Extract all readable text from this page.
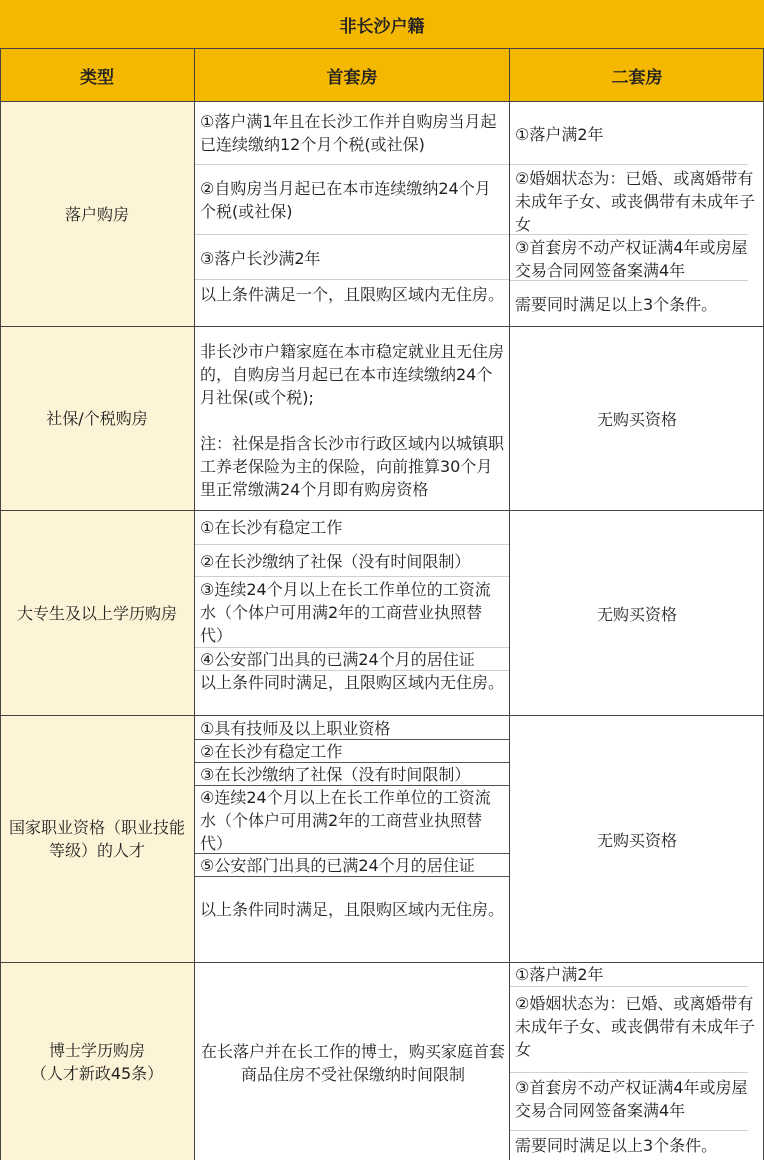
非长沙户籍
类型	首套房	二套房
落户购房
①落户满1年且在长沙工作并自购房当月起已连续缴纳12个月个税(或社保)
②自购房当月起已在本市连续缴纳24个月个税(或社保)
③落户长沙满2年
以上条件满足一个，且限购区域内无住房。
①落户满2年
②婚姻状态为：已婚、或离婚带有未成年子女、或丧偶带有未成年子女
③首套房不动产权证满4年或房屋交易合同网签备案满4年
需要同时满足以上3个条件。
社保/个税购房
非长沙市户籍家庭在本市稳定就业且无住房的，自购房当月起已在本市连续缴纳24个月社保(或个税);
注：社保是指含长沙市行政区域内以城镇职工养老保险为主的保险，向前推算30个月里正常缴满24个月即有购房资格
无购买资格
大专生及以上学历购房
①在长沙有稳定工作
②在长沙缴纳了社保（没有时间限制）
③连续24个月以上在长工作单位的工资流水（个体户可用满2年的工商营业执照替代）
④公安部门出具的已满24个月的居住证
以上条件同时满足，且限购区域内无住房。
无购买资格
国家职业资格（职业技能等级）的人才
①具有技师及以上职业资格
②在长沙有稳定工作
③在长沙缴纳了社保（没有时间限制）
④连续24个月以上在长工作单位的工资流水（个体户可用满2年的工商营业执照替代）
⑤公安部门出具的已满24个月的居住证
以上条件同时满足，且限购区域内无住房。
无购买资格
博士学历购房
（人才新政45条）
在长落户并在长工作的博士，购买家庭首套商品住房不受社保缴纳时间限制
①落户满2年
②婚姻状态为：已婚、或离婚带有未成年子女、或丧偶带有未成年子女
③首套房不动产权证满4年或房屋交易合同网签备案满4年
需要同时满足以上3个条件。
